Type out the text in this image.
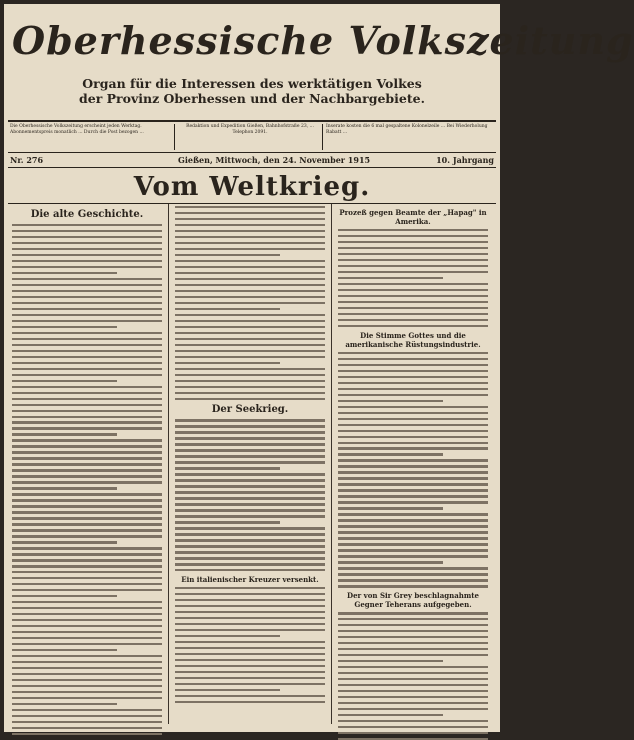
Oberhessische Volkszeitung
Organ für die Interessen des werktätigen Volkes
der Provinz Oberhessen und der Nachbargebiete.
Die Oberhessische Volkszeitung erscheint jeden Werktag. Abonnementspreis monatlich ... Durch die Post bezogen ...
Redaktion und Expedition Gießen, Bahnhofstraße 23, ... Telephon 2091.
Inserate kosten die 6 mal gespaltene Kolonelzeile ... Bei Wiederholung Rabatt ...
Nr. 276	Gießen, Mittwoch, den 24. November 1915	10. Jahrgang
Vom Weltkrieg.
Die alte Geschichte.
Der Seekrieg.
Ein italienischer Kreuzer versenkt.
Prozeß gegen Beamte der „Hapag" in Amerika.
Die Stimme Gottes und die amerikanische Rüstungsindustrie.
Der von Sir Grey beschlagnahmte Gegner Teherans aufgegeben.
